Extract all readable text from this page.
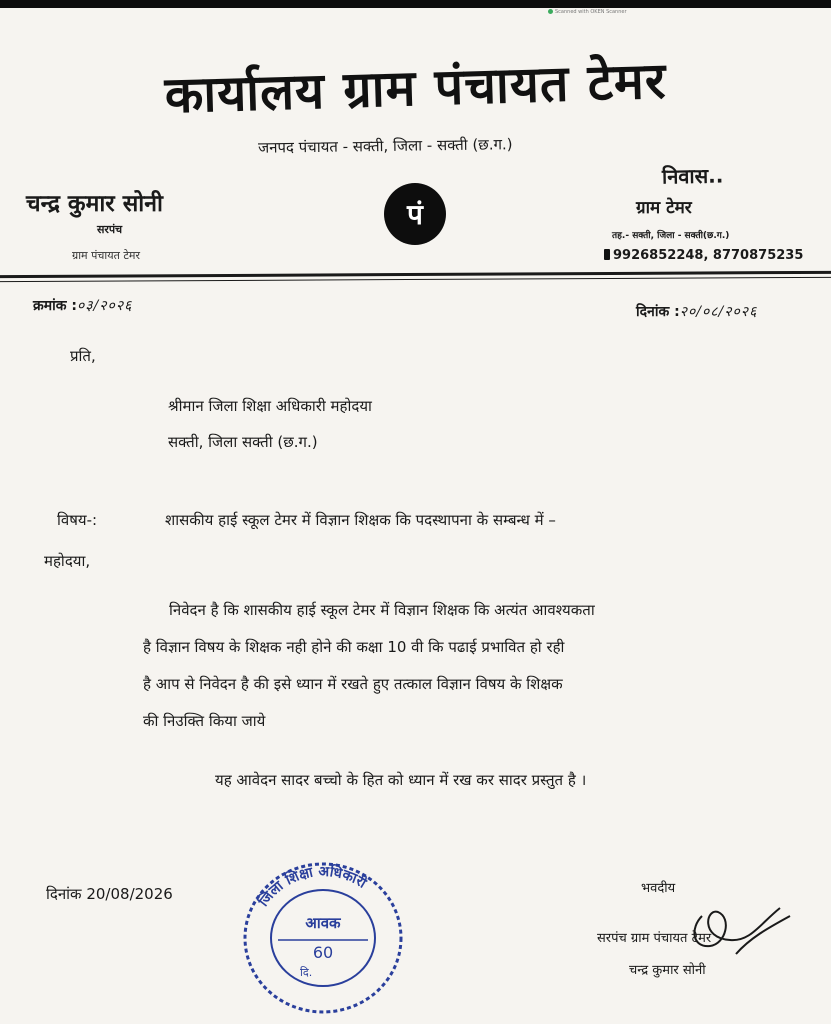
Scanned with OKEN Scanner
कार्यालय ग्राम पंचायत टेमर
जनपद पंचायत - सक्ती, जिला - सक्ती (छ.ग.)
चन्द्र कुमार सोनी
सरपंच
ग्राम पंचायत टेमर
पं
निवास..
ग्राम टेमर
तह.- सक्ती, जिला - सक्ती(छ.ग.)
9926852248, 8770875235
क्रमांक :०३/२०२६	दिनांक :२०/०८/२०२६
प्रति,
श्रीमान जिला शिक्षा अधिकारी महोदया
सक्ती, जिला सक्ती (छ.ग.)
विषय-:	शासकीय हाई स्कूल टेमर में विज्ञान शिक्षक कि पदस्थापना के सम्बन्ध में –
महोदया,
निवेदन है कि शासकीय हाई स्कूल टेमर में विज्ञान शिक्षक कि अत्यंत आवश्यकता
है विज्ञान विषय के शिक्षक नही होने की कक्षा 10 वी कि पढाई प्रभावित हो रही
है आप से निवेदन है की इसे ध्यान में रखते हुए तत्काल विज्ञान विषय के शिक्षक
की निउक्ति किया जाये
यह आवेदन सादर बच्चो के हित को ध्यान में रख कर सादर प्रस्तुत है ।
दिनांक 20/08/2026	जिला शिक्षा अधिकारी
आवक
60
दि.
भवदीय
सरपंच ग्राम पंचायत टेमर
चन्द्र कुमार सोनी
